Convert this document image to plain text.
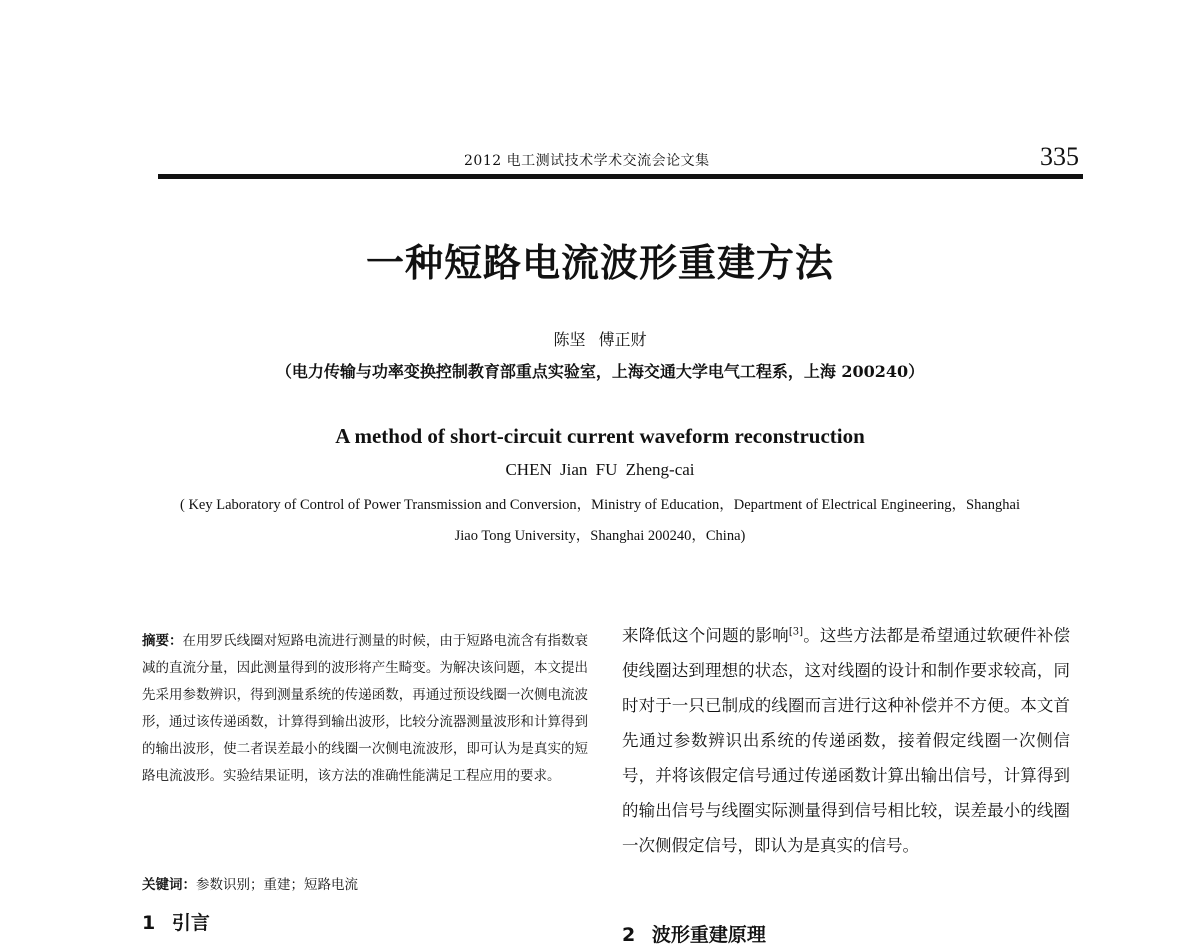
2012 电工测试技术学术交流会论文集	335
一种短路电流波形重建方法
陈坚 傅正财
（电力传输与功率变换控制教育部重点实验室，上海交通大学电气工程系，上海 200240）
A method of short-circuit current waveform reconstruction
CHEN Jian FU Zheng-cai
( Key Laboratory of Control of Power Transmission and Conversion，Ministry of Education，Department of Electrical Engineering，Shanghai Jiao Tong University，Shanghai 200240，China)
摘要：在用罗氏线圈对短路电流进行测量的时候，由于短路电流含有指数衰减的直流分量，因此测量得到的波形将产生畸变。为解决该问题，本文提出先采用参数辨识，得到测量系统的传递函数，再通过预设线圈一次侧电流波形，通过该传递函数，计算得到输出波形，比较分流器测量波形和计算得到的输出波形，使二者误差最小的线圈一次侧电流波形，即可认为是真实的短路电流波形。实验结果证明，该方法的准确性能满足工程应用的要求。
关键词：参数识别；重建；短路电流
1 引言
来降低这个问题的影响[3]。这些方法都是希望通过软硬件补偿使线圈达到理想的状态，这对线圈的设计和制作要求较高，同时对于一只已制成的线圈而言进行这种补偿并不方便。本文首先通过参数辨识出系统的传递函数，接着假定线圈一次侧信号，并将该假定信号通过传递函数计算出输出信号，计算得到的输出信号与线圈实际测量得到信号相比较，误差最小的线圈一次侧假定信号，即认为是真实的信号。
2 波形重建原理
